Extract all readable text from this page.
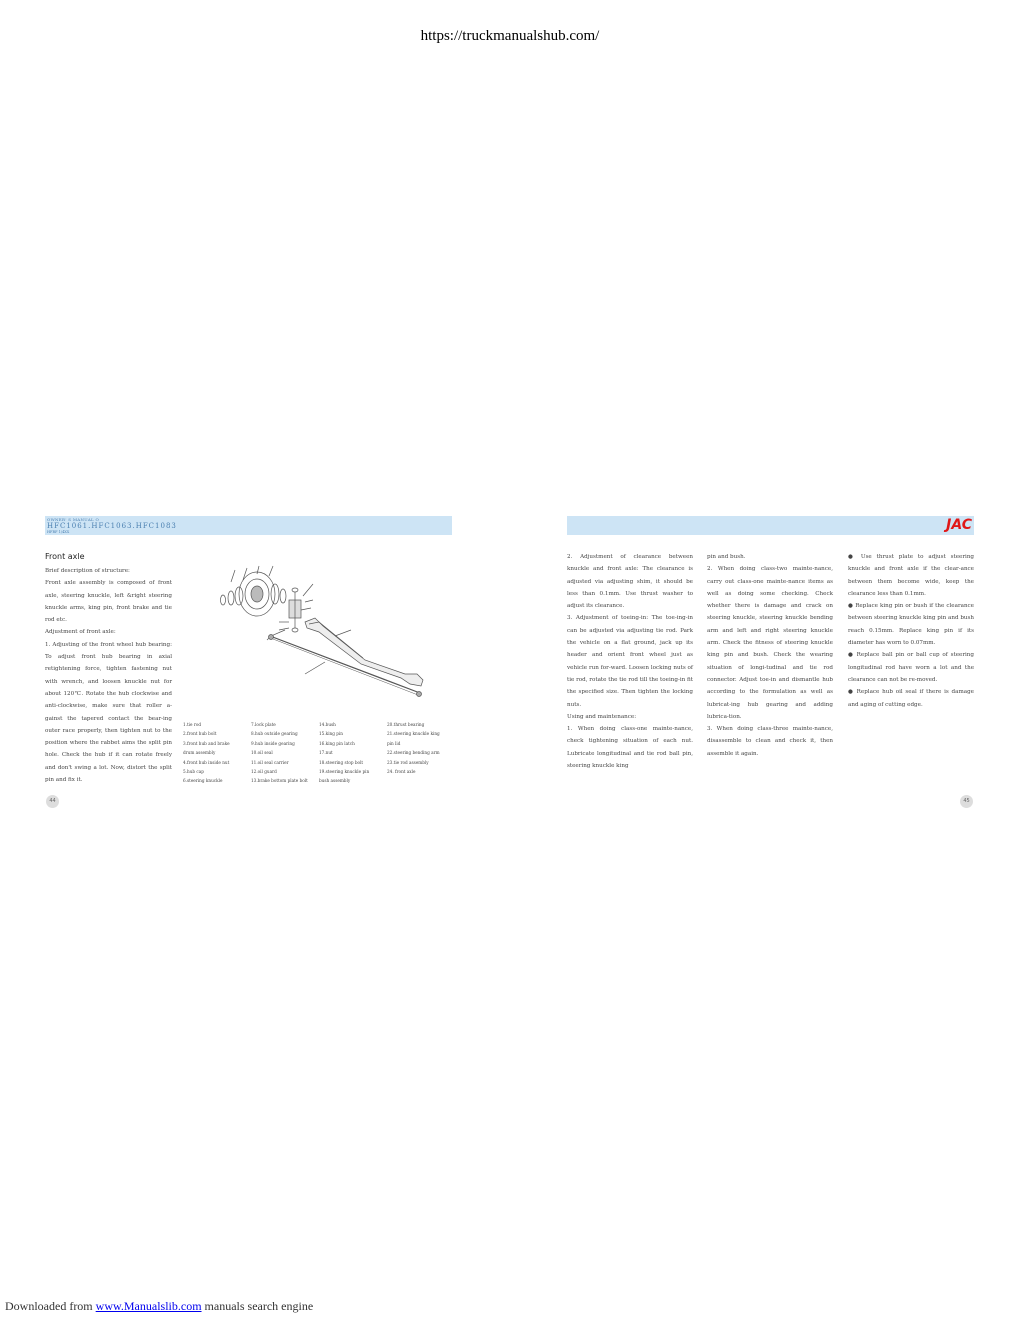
https://truckmanualshub.com/
OWNER' S MANUAL O
HFC1061.HFC1063.HFC1083
HFRF 1/4XX
Front axle

Brief description of structure:

Front axle assembly is composed of front axle, steering knuckle, left &right steering knuckle arms, king pin, front brake and tie rod etc.

Adjustment of front axle:

1. Adjusting of the front wheel hub bearing: To adjust front hub bearing in axial retightening force, tighten fastening nut with wrench, and loosen knuckle nut for about 120℃. Rotate the hub clockwise and anti-clockwise, make sure that roller a-gainst the tapered contact the bear-ing outer race properly, then tighten nut to the position where the rabbet aims the split pin hole. Check the hub if it can rotate freely and don't swing a lot. Now, distort the split pin and fix it.

1.tie rod	7.lock plate	14.bush	20.thrust bearing
2.front hub bolt	8.hub outside gearing	15.king pin	21.steering knuckle king
3.front hub and brake	9.hub inside gearing	16.king pin latch	pin lid
drum assembly	10.oil seal	17.nut	22.steering bending arm
4.front hub inside nut	11.oil seal carrier	18.steering stop bolt	23.tie rod assembly
5.hub cap	12.oil guard	19.steering knuckle pin	24. front axle
6.steering knuckle	13.brake bottom plate bolt	bush assembly
44
JAC

2. Adjustment of clearance between knuckle and front axle: The clearance is adjusted via adjusting shim, it should be less than 0.1mm. Use thrust washer to adjust its clearance.

3. Adjustment of toeing-in: The toe-ing-in can be adjusted via adjusting tie rod. Park the vehicle on a flat ground, jack up its header and orient front wheel just as vehicle run for-ward. Loosen locking nuts of tie rod, rotate the tie rod till the toeing-in fit the specified size. Then tighten the locking nuts.

Using and maintenance:

1. When doing class-one mainte-nance, check tightening situation of each nut. Lubricate longitudinal and tie rod ball pin, steering knuckle king

pin and bush.

2. When doing class-two mainte-nance, carry out class-one mainte-nance items as well as doing some checking. Check whether there is damage and crack on steering knuckle, steering knuckle bending arm and left and right steering knuckle arm. Check the fitness of steering knuckle king pin and bush. Check the wearing situation of longi-tudinal and tie rod connector. Adjust toe-in and dismantle hub according to the formulation as well as lubricat-ing hub gearing and adding lubrica-tion.

3. When doing class-three mainte-nance, disassemble to clean and check it, then assemble it again.

● Use thrust plate to adjust steering knuckle and front axle if the clear-ance between them become wide, keep the clearance less than 0.1mm.

● Replace king pin or bush if the clearance between steering knuckle king pin and bush reach 0.15mm. Replace king pin if its diameter has worn to 0.07mm.

● Replace ball pin or ball cup of steering longitudinal rod have worn a lot and the clearance can not be re-moved.

● Replace hub oil seal if there is damage and aging of cutting edge.

45
Downloaded from www.Manualslib.com manuals search engine
